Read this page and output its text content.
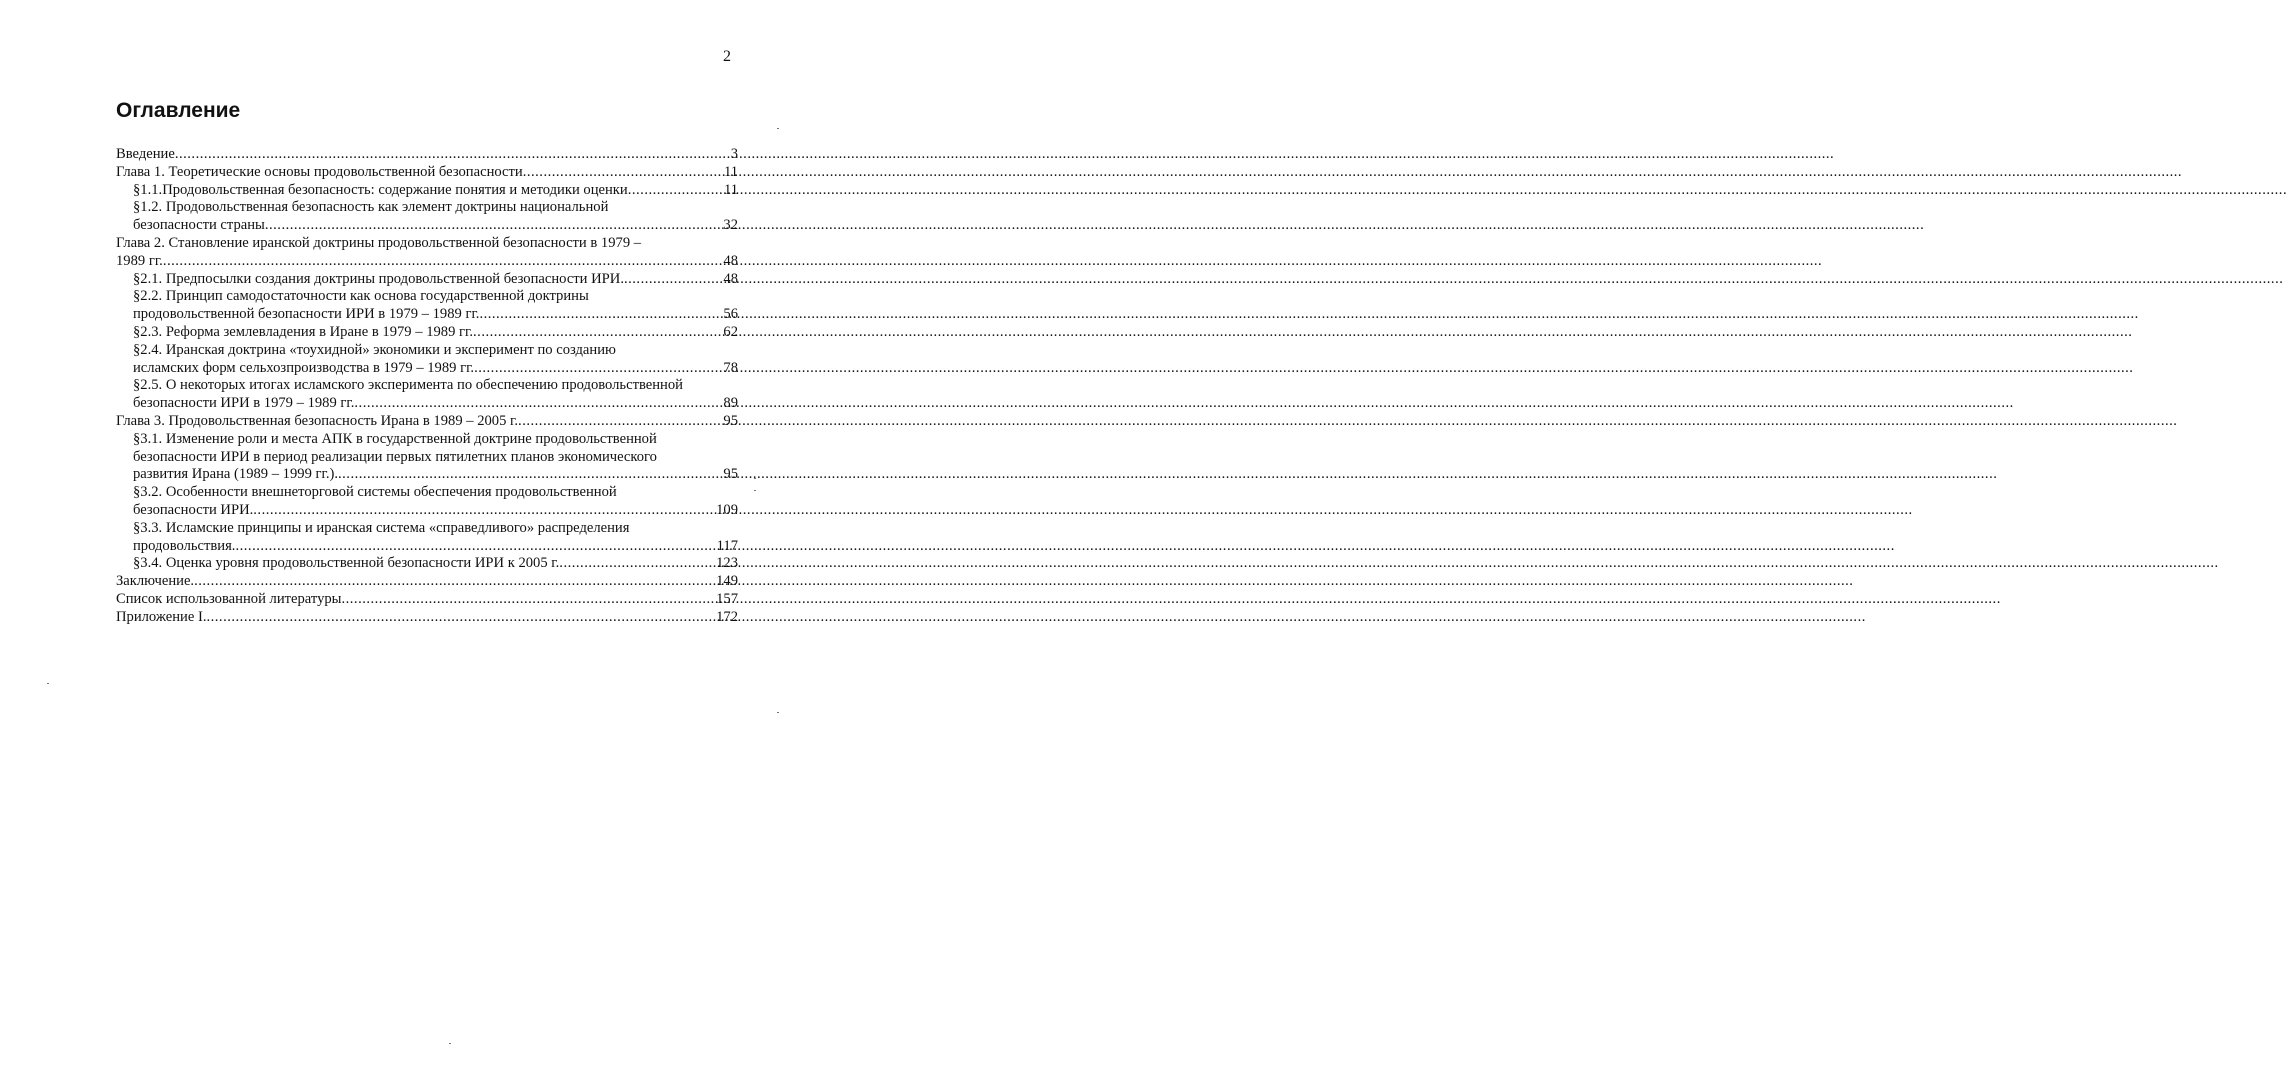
2
Оглавление
Введение .....	3
Глава 1. Теоретические основы продовольственной безопасности .....	11
§1.1.Продовольственная безопасность: содержание понятия и методики оценки .....	11
§1.2. Продовольственная безопасность как элемент доктрины национальной
безопасности страны .....	32
Глава 2. Становление иранской доктрины продовольственной безопасности в 1979 –
1989 гг. .....	48
§2.1. Предпосылки создания доктрины продовольственной безопасности ИРИ. .....	48
§2.2. Принцип самодостаточности как основа государственной доктрины
продовольственной безопасности ИРИ в 1979 – 1989 гг. .....	56
§2.3. Реформа землевладения в Иране в 1979 – 1989 гг. .....	62
§2.4. Иранская доктрина «тоухидной» экономики и эксперимент по созданию
исламских форм сельхозпроизводства в 1979 – 1989 гг. .....	78
§2.5. О некоторых итогах исламского эксперимента по обеспечению продовольственной
безопасности ИРИ в 1979 – 1989 гг. .....	89
Глава 3. Продовольственная безопасность Ирана в 1989 – 2005 г. .....	95
§3.1. Изменение роли и места АПК в государственной доктрине продовольственной
безопасности ИРИ в период реализации первых пятилетних планов экономического
развития Ирана (1989 – 1999 гг.). .....	95
§3.2. Особенности внешнеторговой системы обеспечения продовольственной
безопасности ИРИ. .....	109
§3.3. Исламские принципы и иранская система «справедливого» распределения
продовольствия. .....	117
§3.4. Оценка уровня продовольственной безопасности ИРИ к 2005 г. .....	123
Заключение. .....	149
Список использованной литературы .....	157
Приложение I. .....	172
